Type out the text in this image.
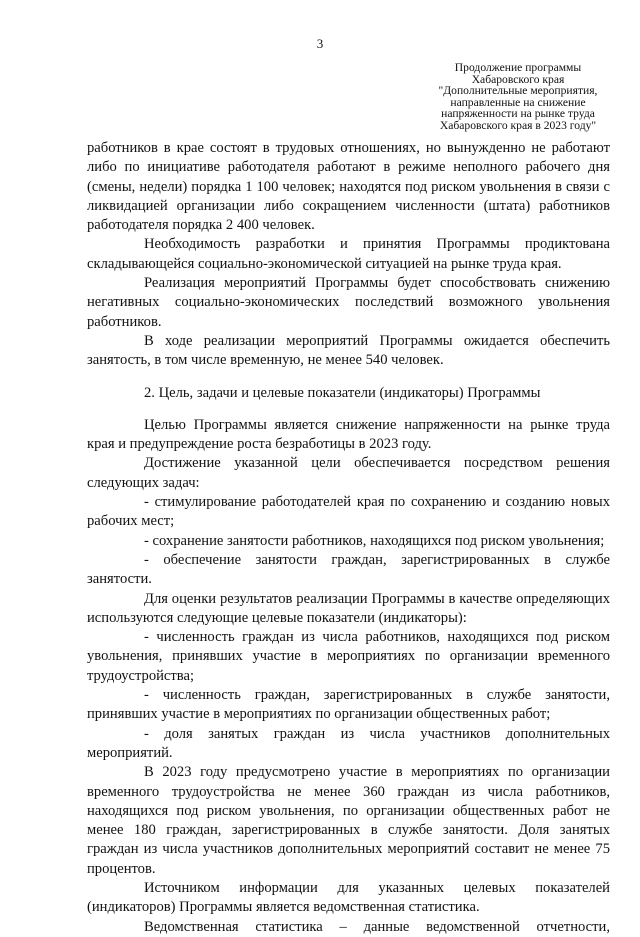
3
Продолжение программы
Хабаровского края
"Дополнительные мероприятия,
направленные на снижение
напряженности на рынке труда
Хабаровского края в 2023 году"

работников в крае состоят в трудовых отношениях, но вынужденно не работают либо по инициативе работодателя работают в режиме неполного рабочего дня (смены, недели) порядка 1 100 человек; находятся под риском увольнения в связи с ликвидацией организации либо сокращением численности (штата) работников работодателя порядка 2 400 человек.

Необходимость разработки и принятия Программы продиктована складывающейся социально-экономической ситуацией на рынке труда края.

Реализация мероприятий Программы будет способствовать снижению негативных социально-экономических последствий возможного увольнения работников.

В ходе реализации мероприятий Программы ожидается обеспечить занятость, в том числе временную, не менее 540 человек.

2. Цель, задачи и целевые показатели (индикаторы) Программы

Целью Программы является снижение напряженности на рынке труда края и предупреждение роста безработицы в 2023 году.

Достижение указанной цели обеспечивается посредством решения следующих задач:

- стимулирование работодателей края по сохранению и созданию новых рабочих мест;

- сохранение занятости работников, находящихся под риском увольнения;

- обеспечение занятости граждан, зарегистрированных в службе занятости.

Для оценки результатов реализации Программы в качестве определяющих используются следующие целевые показатели (индикаторы):

- численность граждан из числа работников, находящихся под риском увольнения, принявших участие в мероприятиях по организации временного трудоустройства;

- численность граждан, зарегистрированных в службе занятости, принявших участие в мероприятиях по организации общественных работ;

- доля занятых граждан из числа участников дополнительных мероприятий.

В 2023 году предусмотрено участие в мероприятиях по организации временного трудоустройства не менее 360 граждан из числа работников, находящихся под риском увольнения, по организации общественных работ не менее 180 граждан, зарегистрированных в службе занятости. Доля занятых граждан из числа участников дополнительных мероприятий составит не менее 75 процентов.

Источником информации для указанных целевых показателей (индикаторов) Программы является ведомственная статистика.

Ведомственная статистика – данные ведомственной отчетности,
